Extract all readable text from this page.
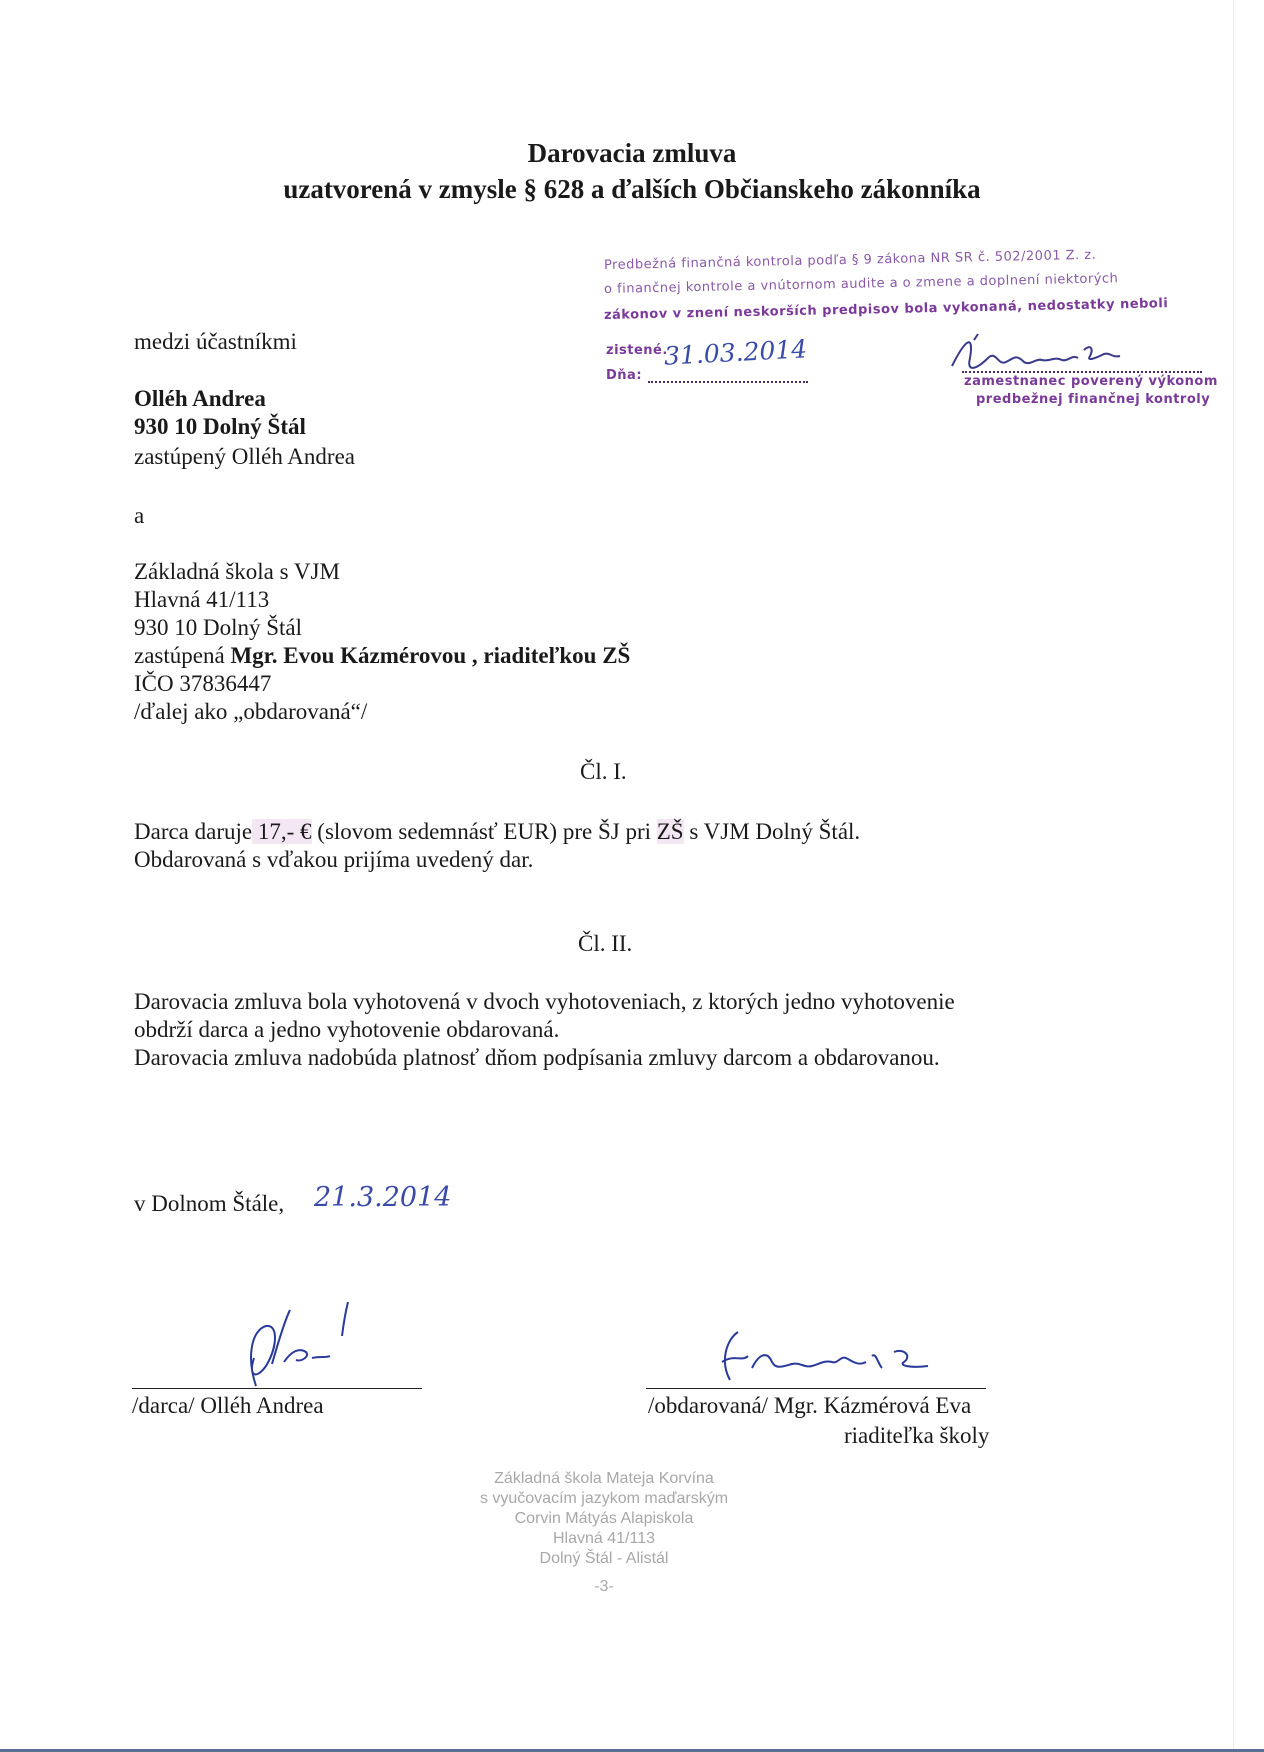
Darovacia zmluva
uzatvorená v zmysle § 628 a ďalších Občianskeho zákonníka
Predbežná finančná kontrola podľa § 9 zákona NR SR č. 502/2001 Z. z.
o finančnej kontrole a vnútornom audite a o zmene a doplnení niektorých
zákonov v znení neskorších predpisov bola vykonaná, nedostatky neboli
zistené.
Dňa:
31.03.2014
zamestnanec poverený výkonom
predbežnej finančnej kontroly
medzi účastníkmi
Olléh Andrea
930 10 Dolný Štál
zastúpený Olléh Andrea
a
Základná škola s VJM
Hlavná 41/113
930 10 Dolný Štál
zastúpená Mgr. Evou Kázmérovou , riaditeľkou ZŠ
IČO 37836447
/ďalej ako „obdarovaná“/
Čl. I.
Darca daruje 17,- € (slovom sedemnásť EUR) pre ŠJ pri ZŠ s VJM Dolný Štál.
Obdarovaná s vďakou prijíma uvedený dar.
Čl. II.
Darovacia zmluva bola vyhotovená v dvoch vyhotoveniach, z ktorých jedno vyhotovenie
obdrží darca a jedno vyhotovenie obdarovaná.
Darovacia zmluva nadobúda platnosť dňom podpísania zmluvy darcom a obdarovanou.
v Dolnom Štále, 21.3.2014
/darca/ Olléh Andrea	/obdarovaná/ Mgr. Kázmérová Eva
riaditeľka školy
Základná škola Mateja Korvína
s vyučovacím jazykom maďarským
Corvin Mátyás Alapiskola
Hlavná 41/113
Dolný Štál - Alistál
-3-
